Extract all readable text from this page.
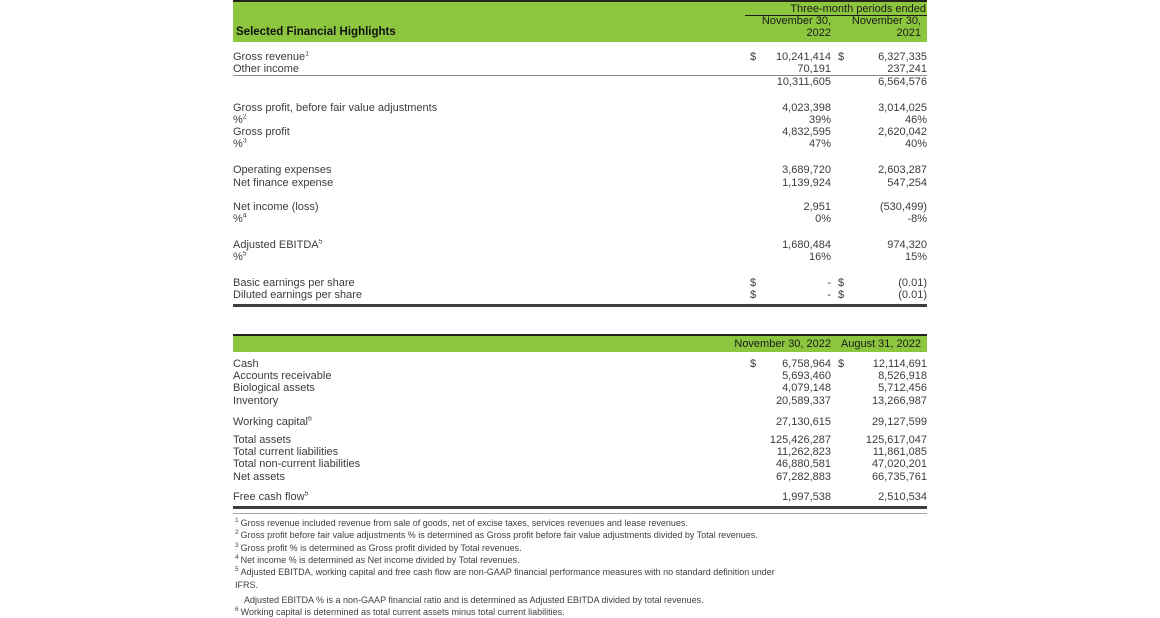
Three-month periods ended
Selected Financial Highlights
November 30,
2022
November 30,
2021
Gross revenue$^1$	$	10,241,414		$	6,327,335
Other income		70,191			237,241
		10,311,605			6,564,576

Gross profit, before fair value adjustments		4,023,398			3,014,025
%$^2$		39%			46%
Gross profit		4,832,595			2,620,042
%$^3$		47%			40%

Operating expenses		3,689,720			2,603,287
Net finance expense		1,139,924			547,254

Net income (loss)		2,951			(530,499)
%$^4$		0%			-8%

Adjusted EBITDA$^5$		1,680,484			974,320
%$^5$		16%			15%

Basic earnings per share	$	-		$	(0.01)
Diluted earnings per share	$	-		$	(0.01)
November 30, 2022 August 31, 2022
Cash	$	6,758,964		$	12,114,691
Accounts receivable		5,693,460			8,526,918
Biological assets		4,079,148			5,712,456
Inventory		20,589,337			13,266,987

Working capital$^6$		27,130,615			29,127,599

Total assets		125,426,287			125,617,047
Total current liabilities		11,262,823			11,861,085
Total non-current liabilities		46,880,581			47,020,201
Net assets		67,282,883			66,735,761

Free cash flow$^5$		1,997,538			2,510,534
$^1$ Gross revenue included revenue from sale of goods, net of excise taxes, services revenues and lease revenues.
$^2$ Gross profit before fair value adjustments % is determined as Gross profit before fair value adjustments divided by Total revenues.
$^3$ Gross profit % is determined as Gross profit divided by Total revenues.
$^4$ Net income % is determined as Net income divided by Total revenues.
$^5$ Adjusted EBITDA, working capital and free cash flow are non-GAAP financial performance measures with no standard definition under
IFRS.
Adjusted EBITDA % is a non-GAAP financial ratio and is determined as Adjusted EBITDA divided by total revenues.
$^6$ Working capital is determined as total current assets minus total current liabilities.
